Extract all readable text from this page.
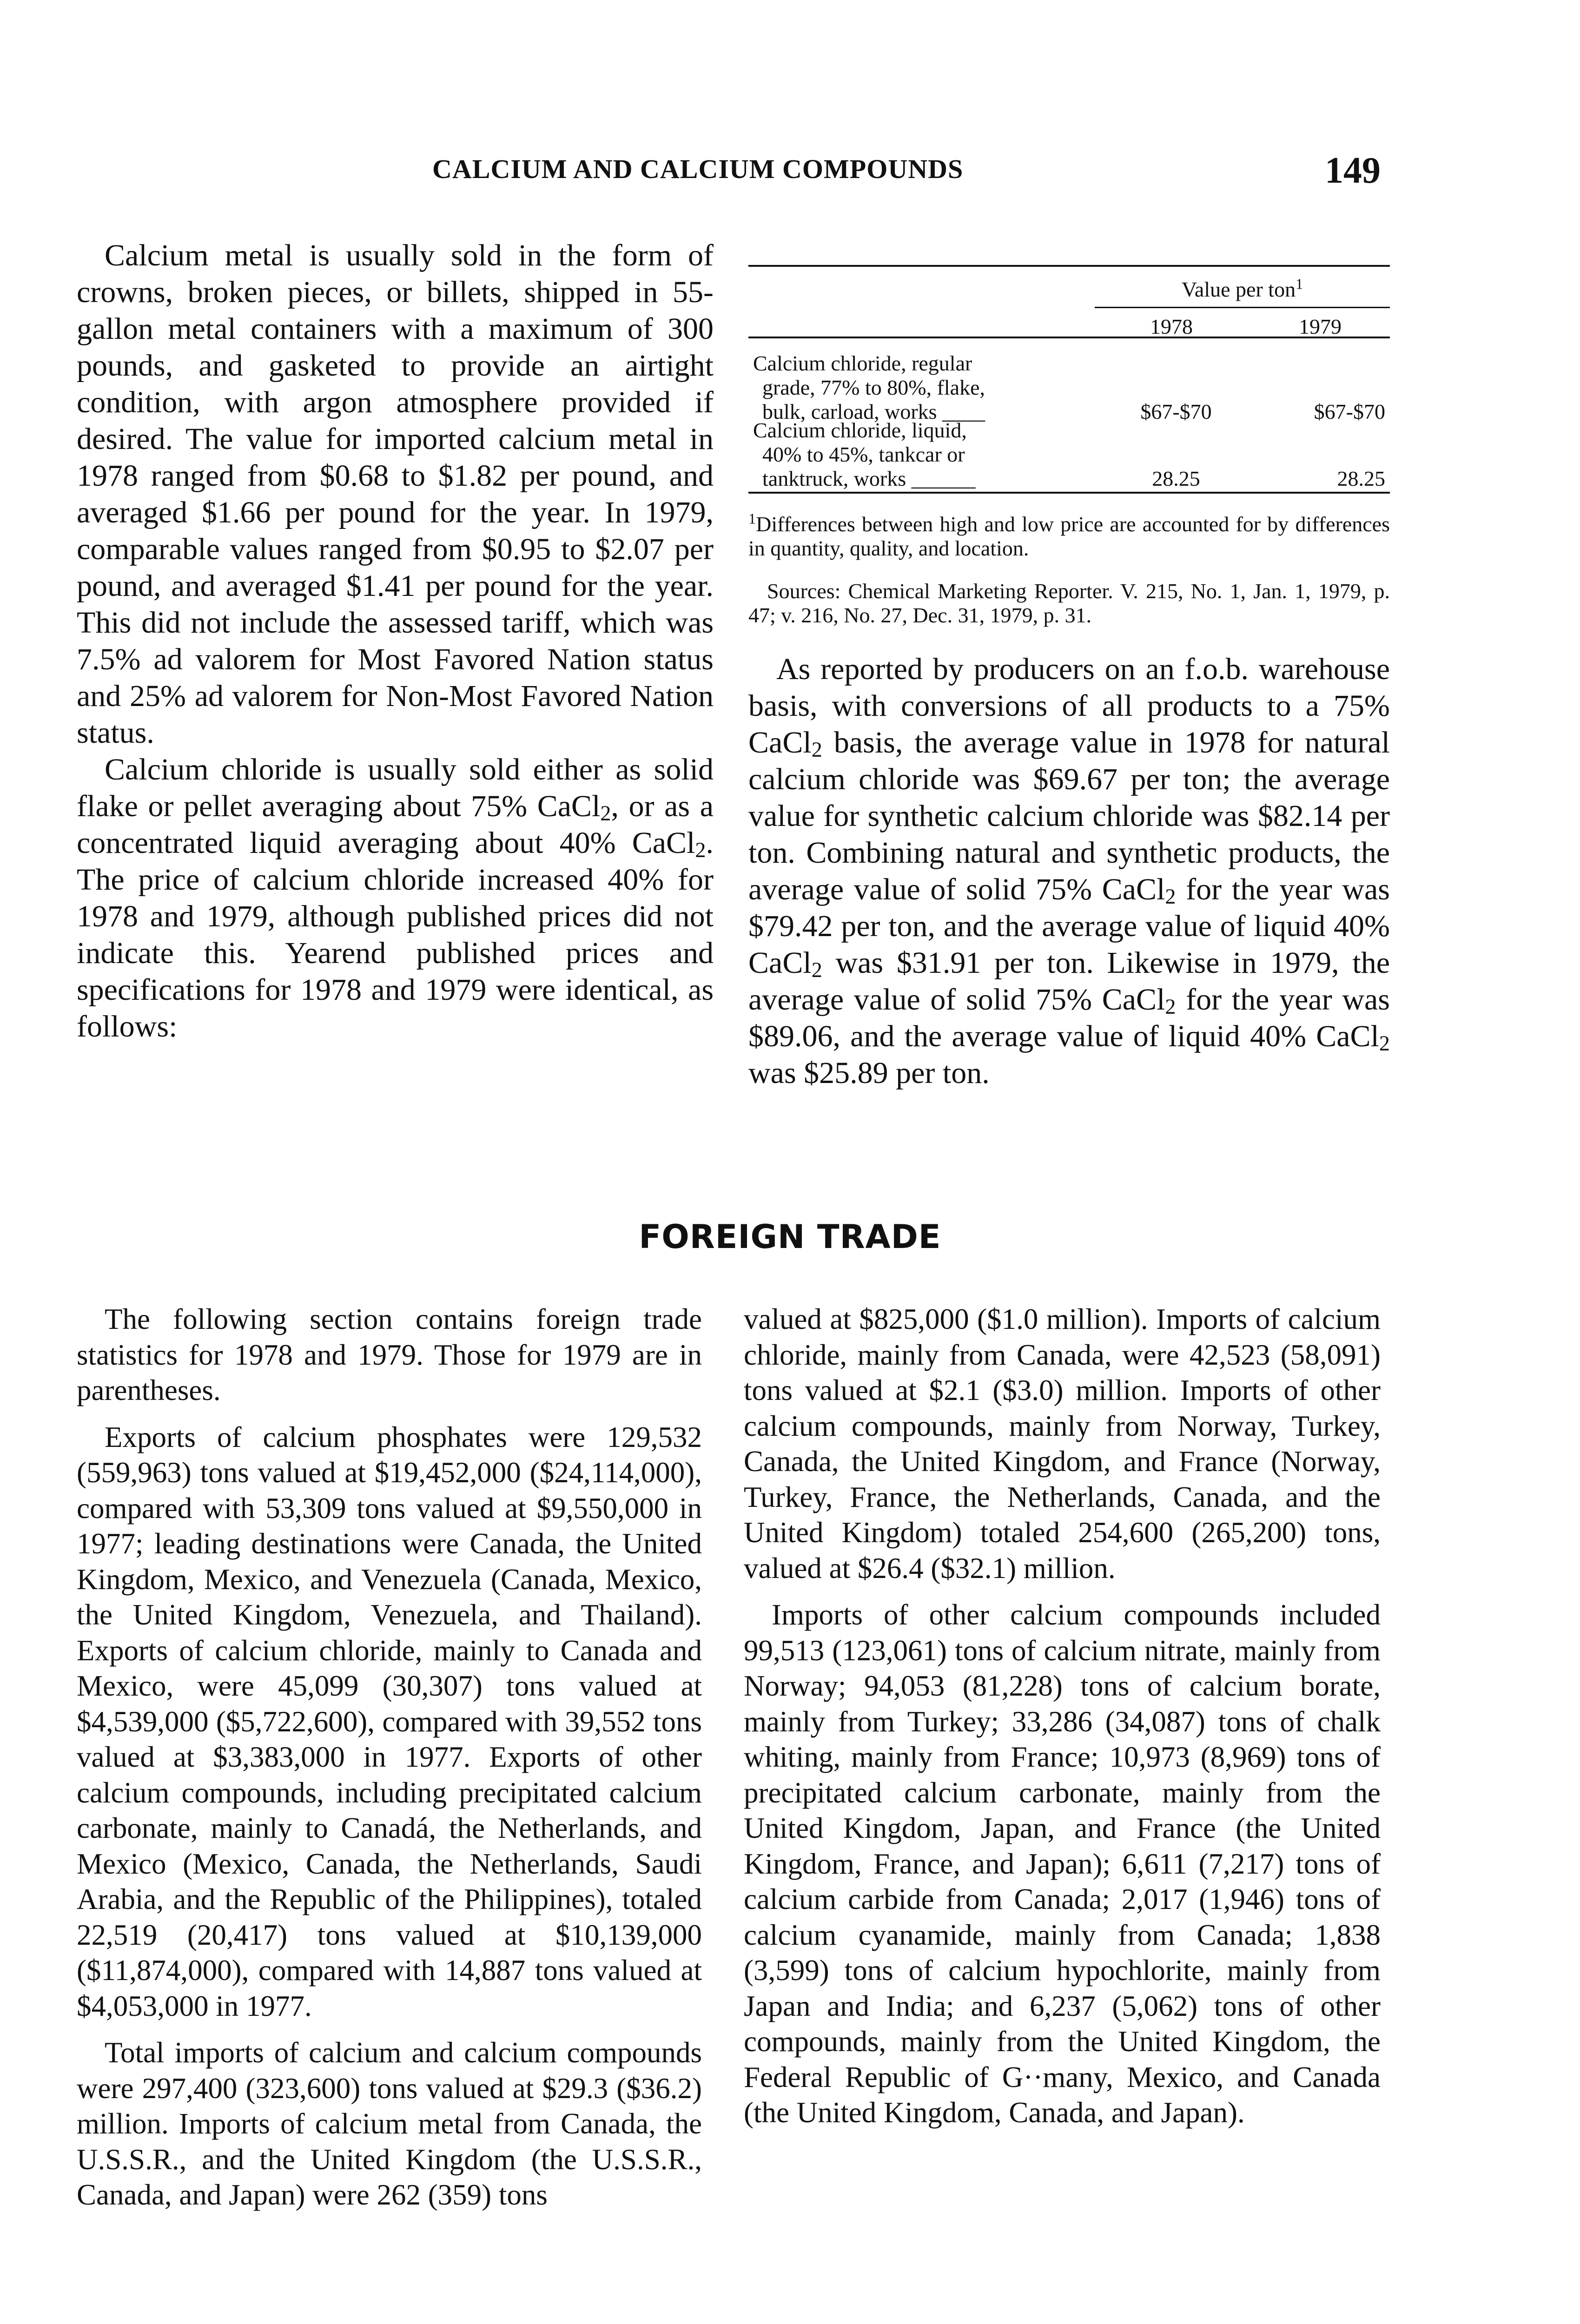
CALCIUM AND CALCIUM COMPOUNDS	149

Calcium metal is usually sold in the form of crowns, broken pieces, or billets, shipped in 55-gallon metal containers with a maximum of 300 pounds, and gasketed to provide an airtight condition, with argon atmosphere provided if desired. The value for imported calcium metal in 1978 ranged from $0.68 to $1.82 per pound, and averaged $1.66 per pound for the year. In 1979, comparable values ranged from $0.95 to $2.07 per pound, and averaged $1.41 per pound for the year. This did not include the assessed tariff, which was 7.5% ad valorem for Most Favored Nation status and 25% ad valorem for Non-Most Favored Nation status.

Calcium chloride is usually sold either as solid flake or pellet averaging about 75% CaCl$_2$, or as a concentrated liquid averaging about 40% CaCl$_2$. The price of calcium chloride increased 40% for 1978 and 1979, although published prices did not indicate this. Yearend published prices and specifications for 1978 and 1979 were identical, as follows:

Value per ton$^1$
1978	1979
Calcium chloride, regular
grade, 77% to 80%, flake,
bulk, carload, works ____	$67-$70	$67-$70
Calcium chloride, liquid,
40% to 45%, tankcar or
tanktruck, works ______	28.25	28.25

$^1$Differences between high and low price are accounted for by differences in quantity, quality, and location.

Sources: Chemical Marketing Reporter. V. 215, No. 1, Jan. 1, 1979, p. 47; v. 216, No. 27, Dec. 31, 1979, p. 31.

As reported by producers on an f.o.b. warehouse basis, with conversions of all products to a 75% CaCl$_2$ basis, the average value in 1978 for natural calcium chloride was $69.67 per ton; the average value for synthetic calcium chloride was $82.14 per ton. Combining natural and synthetic products, the average value of solid 75% CaCl$_2$ for the year was $79.42 per ton, and the average value of liquid 40% CaCl$_2$ was $31.91 per ton. Likewise in 1979, the average value of solid 75% CaCl$_2$ for the year was $89.06, and the average value of liquid 40% CaCl$_2$ was $25.89 per ton.

FOREIGN TRADE

The following section contains foreign trade statistics for 1978 and 1979. Those for 1979 are in parentheses.

Exports of calcium phosphates were 129,532 (559,963) tons valued at $19,452,000 ($24,114,000), compared with 53,309 tons valued at $9,550,000 in 1977; leading destinations were Canada, the United Kingdom, Mexico, and Venezuela (Canada, Mexico, the United Kingdom, Venezuela, and Thailand). Exports of calcium chloride, mainly to Canada and Mexico, were 45,099 (30,307) tons valued at $4,539,000 ($5,722,600), compared with 39,552 tons valued at $3,383,000 in 1977. Exports of other calcium compounds, including precipitated calcium carbonate, mainly to Canadá, the Netherlands, and Mexico (Mexico, Canada, the Netherlands, Saudi Arabia, and the Republic of the Philippines), totaled 22,519 (20,417) tons valued at $10,139,000 ($11,874,000), compared with 14,887 tons valued at $4,053,000 in 1977.

Total imports of calcium and calcium compounds were 297,400 (323,600) tons valued at $29.3 ($36.2) million. Imports of calcium metal from Canada, the U.S.S.R., and the United Kingdom (the U.S.S.R., Canada, and Japan) were 262 (359) tons

valued at $825,000 ($1.0 million). Imports of calcium chloride, mainly from Canada, were 42,523 (58,091) tons valued at $2.1 ($3.0) million. Imports of other calcium compounds, mainly from Norway, Turkey, Canada, the United Kingdom, and France (Norway, Turkey, France, the Netherlands, Canada, and the United Kingdom) totaled 254,600 (265,200) tons, valued at $26.4 ($32.1) million.

Imports of other calcium compounds included 99,513 (123,061) tons of calcium nitrate, mainly from Norway; 94,053 (81,228) tons of calcium borate, mainly from Turkey; 33,286 (34,087) tons of chalk whiting, mainly from France; 10,973 (8,969) tons of precipitated calcium carbonate, mainly from the United Kingdom, Japan, and France (the United Kingdom, France, and Japan); 6,611 (7,217) tons of calcium carbide from Canada; 2,017 (1,946) tons of calcium cyanamide, mainly from Canada; 1,838 (3,599) tons of calcium hypochlorite, mainly from Japan and India; and 6,237 (5,062) tons of other compounds, mainly from the United Kingdom, the Federal Republic of G··many, Mexico, and Canada (the United Kingdom, Canada, and Japan).
